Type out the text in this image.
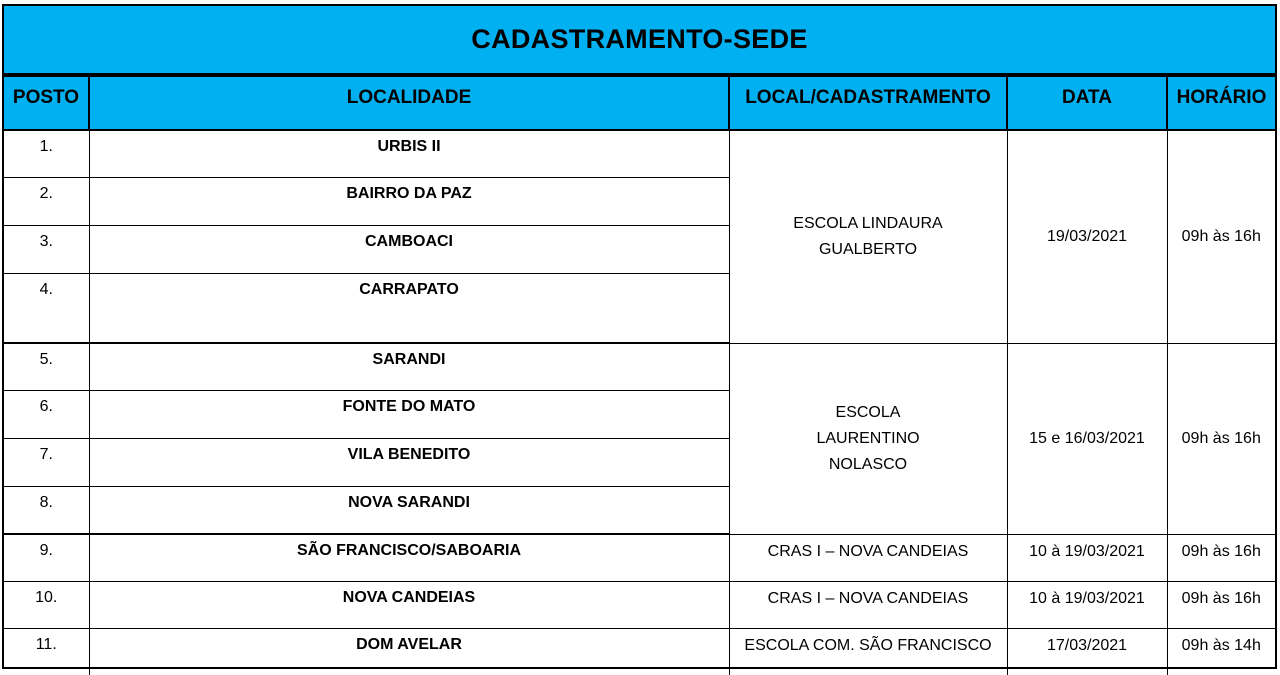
CADASTRAMENTO-SEDE
POSTO	LOCALIDADE	LOCAL/CADASTRAMENTO	DATA	HORÁRIO
1.	URBIS II	ESCOLA LINDAURA GUALBERTO	19/03/2021	09h às 16h
2.	BAIRRO DA PAZ			
3.	CAMBOACI			
4.	CARRAPATO			
5.	SARANDI	ESCOLA LAURENTINO NOLASCO	15 e 16/03/2021	09h às 16h
6.	FONTE DO MATO			
7.	VILA BENEDITO			
8.	NOVA SARANDI			
9.	SÃO FRANCISCO/SABOARIA	CRAS I – NOVA CANDEIAS	10 à 19/03/2021	09h às 16h
10.	NOVA CANDEIAS	CRAS I – NOVA CANDEIAS	10 à 19/03/2021	09h às 16h
11.	DOM AVELAR	ESCOLA COM. SÃO FRANCISCO	17/03/2021	09h às 14h
